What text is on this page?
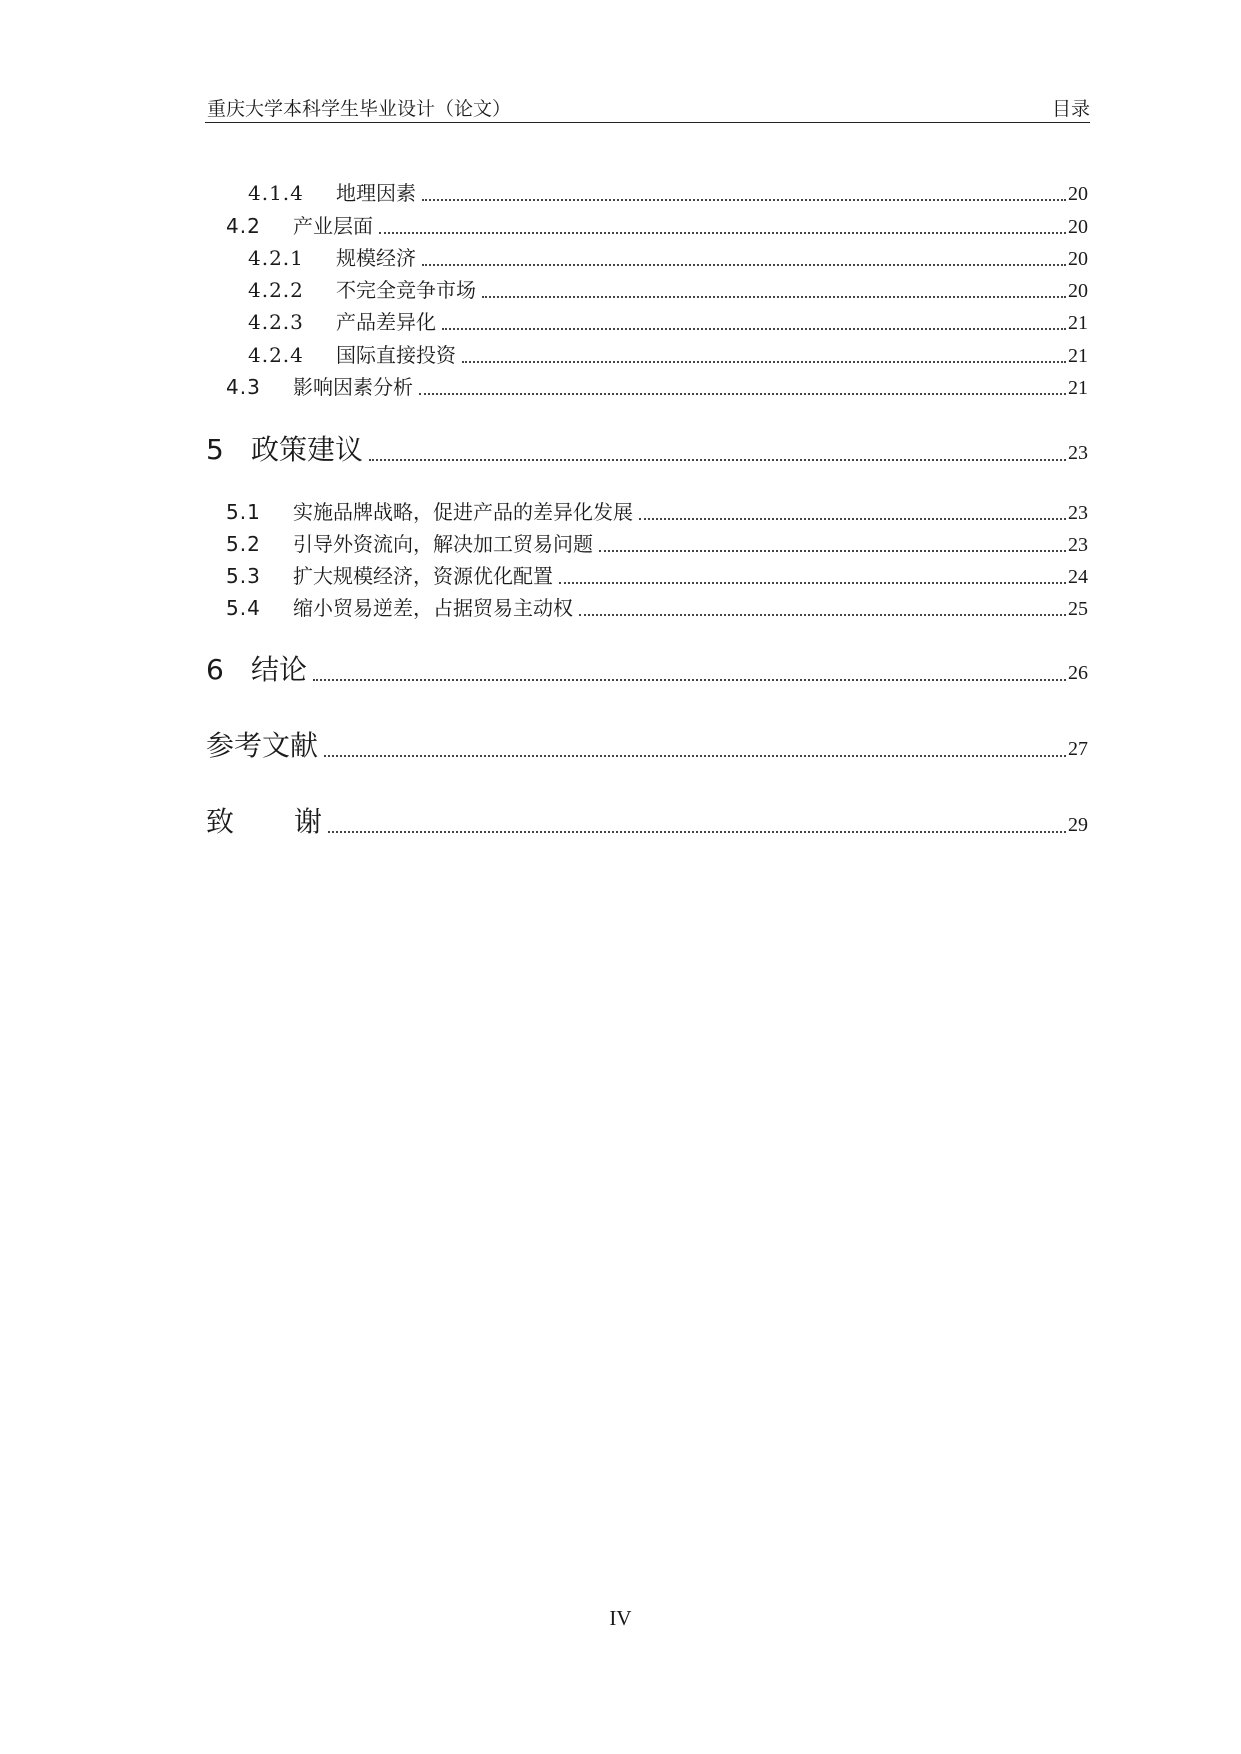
重庆大学本科学生毕业设计（论文）	目录
4.1.4	地理因素	20
4.2	产业层面	20
4.2.1	规模经济	20
4.2.2	不完全竞争市场	20
4.2.3	产品差异化	21
4.2.4	国际直接投资	21
4.3	影响因素分析	21
5 政策建议	23
5.1	实施品牌战略，促进产品的差异化发展	23
5.2	引导外资流向，解决加工贸易问题	23
5.3	扩大规模经济，资源优化配置	24
5.4	缩小贸易逆差，占据贸易主动权	25
6 结论	26
参考文献	27
致	谢	29
IV
